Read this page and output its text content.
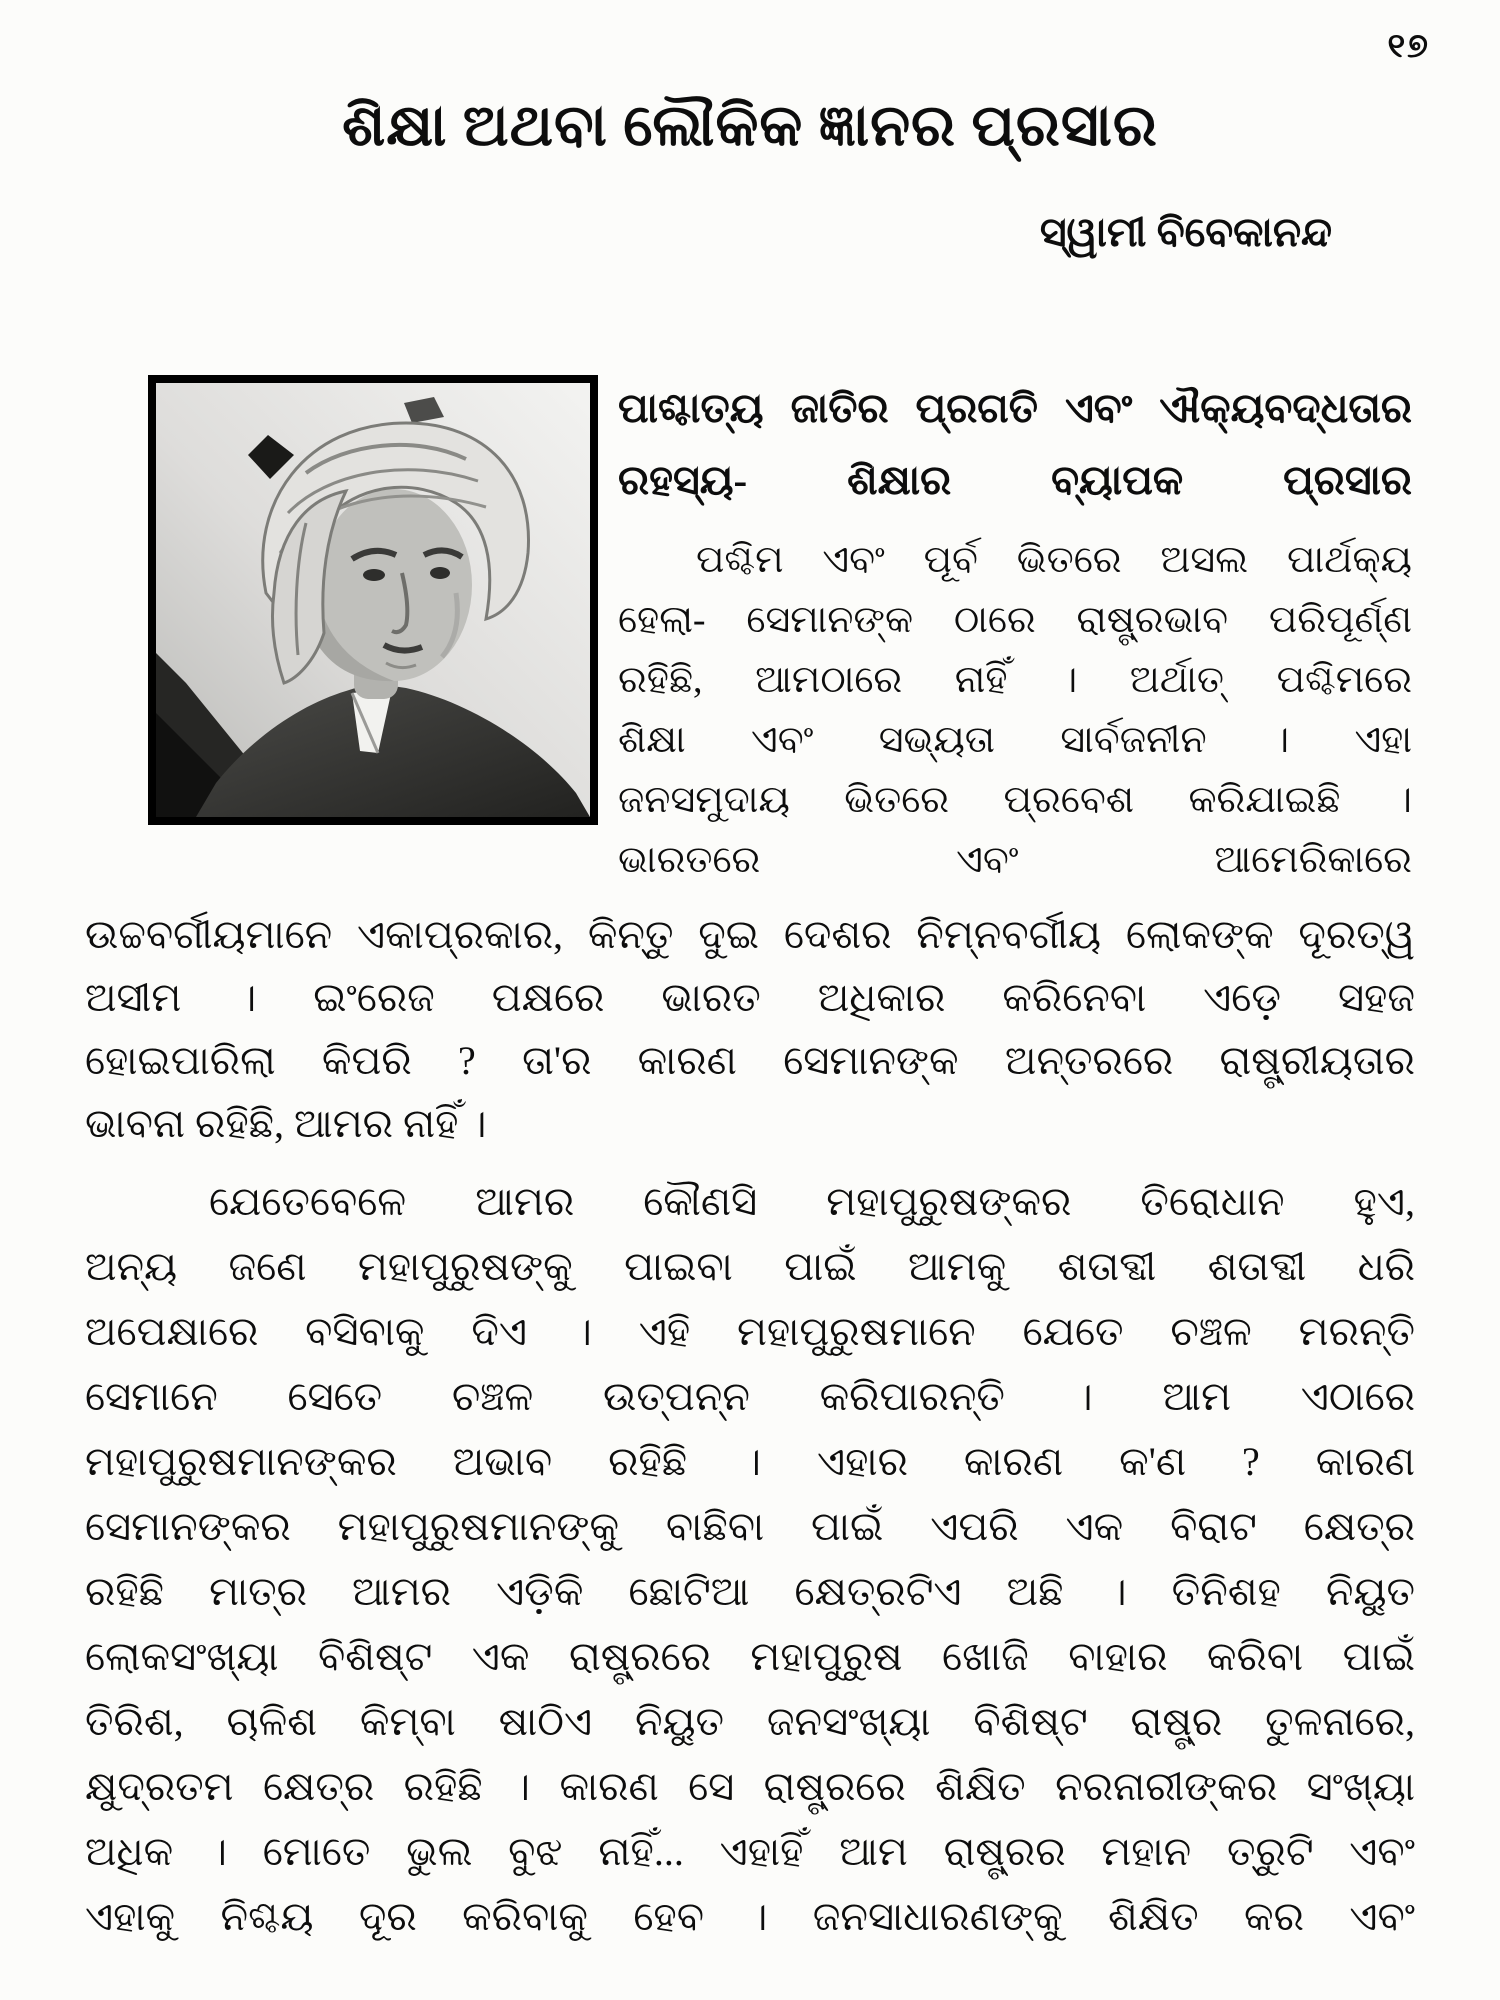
୧୭
ଶିକ୍ଷା ଅଥବା ଲୌକିକ ଜ୍ଞାନର ପ୍ରସାର
ସ୍ୱାମୀ ବିବେକାନନ୍ଦ
ପାଶ୍ଚାତ୍ୟ ଜାତିର ପ୍ରଗତି ଏବଂ ଐକ୍ୟବଦ୍ଧତାର
ରହସ୍ୟ- ଶିକ୍ଷାର ବ୍ୟାପକ ପ୍ରସାର
ପଶ୍ଚିମ ଏବଂ ପୂର୍ବ ଭିତରେ ଅସଲ ପାର୍ଥକ୍ୟ
ହେଲା- ସେମାନଙ୍କ ଠାରେ ରାଷ୍ଟ୍ରଭାବ ପରିପୂର୍ଣ୍ଣ
ରହିଛି, ଆମଠାରେ ନାହିଁ । ଅର୍ଥାତ୍ ପଶ୍ଚିମରେ
ଶିକ୍ଷା ଏବଂ ସଭ୍ୟତା ସାର୍ବଜନୀନ । ଏହା
ଜନସମୁଦାୟ ଭିତରେ ପ୍ରବେଶ କରିଯାଇଛି ।
ଭାରତରେ ଏବଂ ଆମେରିକାରେ
ଉଚ୍ଚବର୍ଗୀୟମାନେ ଏକାପ୍ରକାର, କିନ୍ତୁ ଦୁଇ ଦେଶର ନିମ୍ନବର୍ଗୀୟ ଲୋକଙ୍କ ଦୂରତ୍ୱ
ଅସୀମ । ଇଂରେଜ ପକ୍ଷରେ ଭାରତ ଅଧିକାର କରିନେବା ଏଡ଼େ ସହଜ
ହୋଇପାରିଲା କିପରି ? ତା'ର କାରଣ ସେମାନଙ୍କ ଅନ୍ତରରେ ରାଷ୍ଟ୍ରୀୟତାର
ଭାବନା ରହିଛି, ଆମର ନାହିଁ ।
ଯେତେବେଳେ ଆମର କୌଣସି ମହାପୁରୁଷଙ୍କର ତିରୋଧାନ ହୁଏ,
ଅନ୍ୟ ଜଣେ ମହାପୁରୁଷଙ୍କୁ ପାଇବା ପାଇଁ ଆମକୁ ଶତାବ୍ଦୀ ଶତାବ୍ଦୀ ଧରି
ଅପେକ୍ଷାରେ ବସିବାକୁ ଦିଏ । ଏହି ମହାପୁରୁଷମାନେ ଯେତେ ଚଞ୍ଚଳ ମରନ୍ତି
ସେମାନେ ସେତେ ଚଞ୍ଚଳ ଉତ୍ପନ୍ନ କରିପାରନ୍ତି । ଆମ ଏଠାରେ
ମହାପୁରୁଷମାନଙ୍କର ଅଭାବ ରହିଛି । ଏହାର କାରଣ କ'ଣ ? କାରଣ
ସେମାନଙ୍କର ମହାପୁରୁଷମାନଙ୍କୁ ବାଛିବା ପାଇଁ ଏପରି ଏକ ବିରାଟ କ୍ଷେତ୍ର
ରହିଛି ମାତ୍ର ଆମର ଏଡ଼ିକି ଛୋଟିଆ କ୍ଷେତ୍ରଟିଏ ଅଛି । ତିନିଶହ ନିୟୁତ
ଲୋକସଂଖ୍ୟା ବିଶିଷ୍ଟ ଏକ ରାଷ୍ଟ୍ରରେ ମହାପୁରୁଷ ଖୋଜି ବାହାର କରିବା ପାଇଁ
ତିରିଶ, ଚାଳିଶ କିମ୍ବା ଷାଠିଏ ନିୟୁତ ଜନସଂଖ୍ୟା ବିଶିଷ୍ଟ ରାଷ୍ଟ୍ର ତୁଳନାରେ,
କ୍ଷୁଦ୍ରତମ କ୍ଷେତ୍ର ରହିଛି । କାରଣ ସେ ରାଷ୍ଟ୍ରରେ ଶିକ୍ଷିତ ନରନାରୀଙ୍କର ସଂଖ୍ୟା
ଅଧିକ । ମୋତେ ଭୁଲ ବୁଝ ନାହିଁ... ଏହାହିଁ ଆମ ରାଷ୍ଟ୍ରର ମହାନ ତ୍ରୁଟି ଏବଂ
ଏହାକୁ ନିଶ୍ଚୟ ଦୂର କରିବାକୁ ହେବ । ଜନସାଧାରଣଙ୍କୁ ଶିକ୍ଷିତ କର ଏବଂ
